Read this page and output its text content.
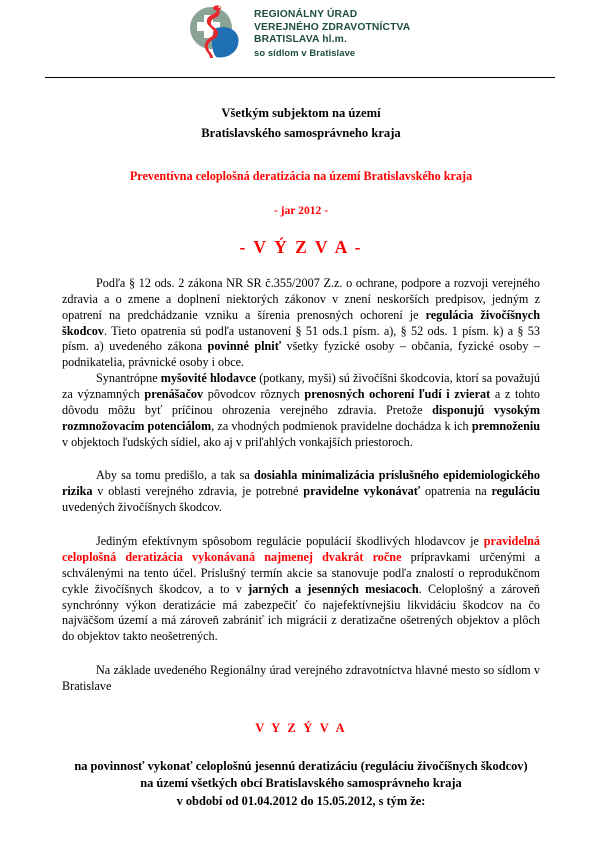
REGIONÁLNY ÚRAD
VEREJNÉHO ZDRAVOTNÍCTVA
BRATISLAVA hl.m.
so sídlom v Bratislave
Všetkým subjektom na území
Bratislavského samosprávneho kraja
Preventívna celoplošná deratizácia na území Bratislavského kraja
- jar 2012 -
- V Ý Z V A -

Podľa § 12 ods. 2 zákona NR SR č.355/2007 Z.z. o ochrane, podpore a rozvoji verejného zdravia a o zmene a doplnení niektorých zákonov v znení neskorších predpisov, jedným z opatrení na predchádzanie vzniku a šírenia prenosných ochorení je regulácia živočíšnych škodcov. Tieto opatrenia sú podľa ustanovení § 51 ods.1 písm. a), § 52 ods. 1 písm. k) a § 53 písm. a) uvedeného zákona povinné plniť všetky fyzické osoby – občania, fyzické osoby – podnikatelia, právnické osoby i obce.

Synantrópne myšovité hlodavce (potkany, myši) sú živočíšni škodcovia, ktorí sa považujú za významných prenášačov pôvodcov rôznych prenosných ochorení ľudí i zvierat a z tohto dôvodu môžu byť príčinou ohrozenia verejného zdravia. Pretože disponujú vysokým rozmnožovacím potenciálom, za vhodných podmienok pravidelne dochádza k ich premnoženiu v objektoch ľudských sídiel, ako aj v priľahlých vonkajších priestoroch.

Aby sa tomu predišlo, a tak sa dosiahla minimalizácia príslušného epidemiologického rizika v oblasti verejného zdravia, je potrebné pravidelne vykonávať opatrenia na reguláciu uvedených živočíšnych škodcov.

Jediným efektívnym spôsobom regulácie populácií škodlivých hlodavcov je pravidelná celoplošná deratizácia vykonávaná najmenej dvakrát ročne prípravkami určenými a schválenými na tento účel. Príslušný termín akcie sa stanovuje podľa znalostí o reprodukčnom cykle živočíšnych škodcov, a to v jarných a jesenných mesiacoch. Celoplošný a zároveň synchrónny výkon deratizácie má zabezpečiť čo najefektívnejšiu likvidáciu škodcov na čo najväčšom území a má zároveň zabrániť ich migrácii z deratizačne ošetrených objektov a plôch do objektov takto neošetrených.

Na základe uvedeného Regionálny úrad verejného zdravotníctva hlavné mesto so sídlom v Bratislave

V Y Z Ý V A
na povinnosť vykonať celoplošnú jesennú deratizáciu (reguláciu živočíšnych škodcov)
na území všetkých obcí Bratislavského samosprávneho kraja
v období od 01.04.2012 do 15.05.2012, s tým že:
